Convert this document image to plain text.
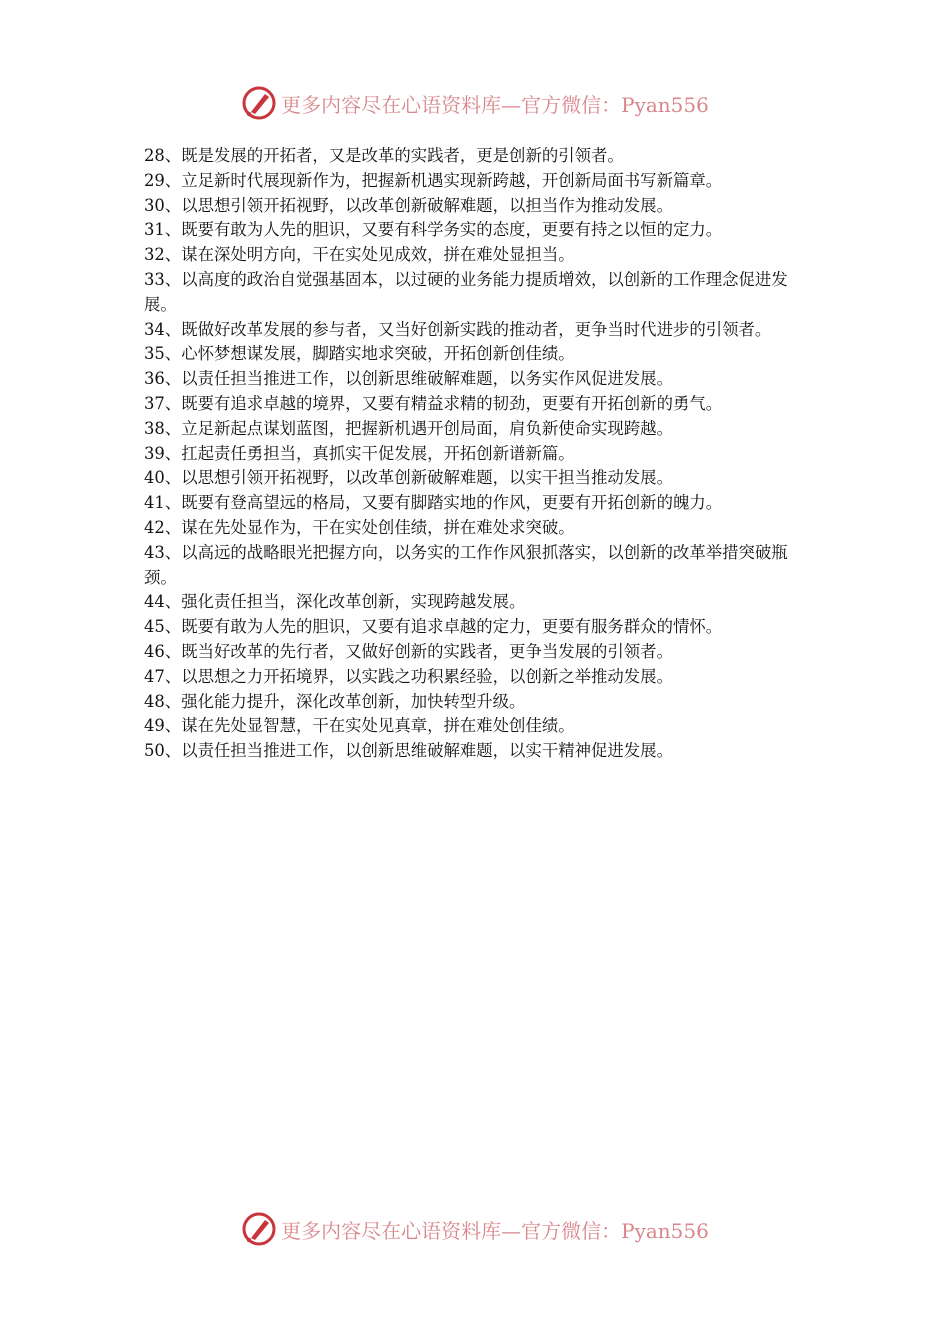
更多内容尽在心语资料库—官方微信：Pyan556
28、既是发展的开拓者，又是改革的实践者，更是创新的引领者。
29、立足新时代展现新作为，把握新机遇实现新跨越，开创新局面书写新篇章。
30、以思想引领开拓视野，以改革创新破解难题，以担当作为推动发展。
31、既要有敢为人先的胆识，又要有科学务实的态度，更要有持之以恒的定力。
32、谋在深处明方向，干在实处见成效，拼在难处显担当。
33、以高度的政治自觉强基固本，以过硬的业务能力提质增效，以创新的工作理念促进发展。
34、既做好改革发展的参与者，又当好创新实践的推动者，更争当时代进步的引领者。
35、心怀梦想谋发展，脚踏实地求突破，开拓创新创佳绩。
36、以责任担当推进工作，以创新思维破解难题，以务实作风促进发展。
37、既要有追求卓越的境界，又要有精益求精的韧劲，更要有开拓创新的勇气。
38、立足新起点谋划蓝图，把握新机遇开创局面，肩负新使命实现跨越。
39、扛起责任勇担当，真抓实干促发展，开拓创新谱新篇。
40、以思想引领开拓视野，以改革创新破解难题，以实干担当推动发展。
41、既要有登高望远的格局，又要有脚踏实地的作风，更要有开拓创新的魄力。
42、谋在先处显作为，干在实处创佳绩，拼在难处求突破。
43、以高远的战略眼光把握方向，以务实的工作作风狠抓落实，以创新的改革举措突破瓶颈。
44、强化责任担当，深化改革创新，实现跨越发展。
45、既要有敢为人先的胆识，又要有追求卓越的定力，更要有服务群众的情怀。
46、既当好改革的先行者，又做好创新的实践者，更争当发展的引领者。
47、以思想之力开拓境界，以实践之功积累经验，以创新之举推动发展。
48、强化能力提升，深化改革创新，加快转型升级。
49、谋在先处显智慧，干在实处见真章，拼在难处创佳绩。
50、以责任担当推进工作，以创新思维破解难题，以实干精神促进发展。
更多内容尽在心语资料库—官方微信：Pyan556
